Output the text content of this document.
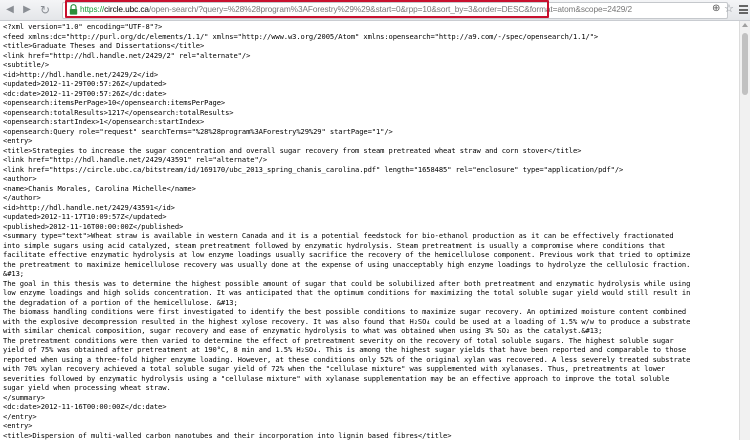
◀ ▶ ↻	https://circle.ubc.ca/open-search/?query=%28%28program%3AForestry%29%29&start=0&rpp=10&sort_by=3&order=DESC&format=atom&scope=2429/2	⊕ ☆
<?xml version="1.0" encoding="UTF-8"?>
<feed xmlns:dc="http://purl.org/dc/elements/1.1/" xmlns="http://www.w3.org/2005/Atom" xmlns:opensearch="http://a9.com/-/spec/opensearch/1.1/">
<title>Graduate Theses and Dissertations</title>
<link href="http://hdl.handle.net/2429/2" rel="alternate"/>
<subtitle/>
<id>http://hdl.handle.net/2429/2</id>
<updated>2012-11-29T00:57:26Z</updated>
<dc:date>2012-11-29T00:57:26Z</dc:date>
<opensearch:itemsPerPage>10</opensearch:itemsPerPage>
<opensearch:totalResults>1217</opensearch:totalResults>
<opensearch:startIndex>1</opensearch:startIndex>
<opensearch:Query role="request" searchTerms="%28%28program%3AForestry%29%29" startPage="1"/>
<entry>
<title>Strategies to increase the sugar concentration and overall sugar recovery from steam pretreated wheat straw and corn stover</title>
<link href="http://hdl.handle.net/2429/43591" rel="alternate"/>
<link href="https://circle.ubc.ca/bitstream/id/169170/ubc_2013_spring_chanis_carolina.pdf" length="1658485" rel="enclosure" type="application/pdf"/>
<author>
<name>Chanis Morales, Carolina Michelle</name>
</author>
<id>http://hdl.handle.net/2429/43591</id>
<updated>2012-11-17T10:09:57Z</updated>
<published>2012-11-16T00:00:00Z</published>
<summary type="text">Wheat straw is available in western Canada and it is a potential feedstock for bio-ethanol production as it can be effectively fractionated
into simple sugars using acid catalyzed, steam pretreatment followed by enzymatic hydrolysis. Steam pretreatment is usually a compromise where conditions that
facilitate effective enzymatic hydrolysis at low enzyme loadings usually sacrifice the recovery of the hemicellulose component. Previous work that tried to optimize
the pretreatment to maximize hemicellulose recovery was usually done at the expense of using unacceptably high enzyme loadings to hydrolyze the cellulosic fraction.
&#13;
The goal in this thesis was to determine the highest possible amount of sugar that could be solubilized after both pretreatment and enzymatic hydrolysis while using
low enzyme loadings and high solids concentration. It was anticipated that the optimum conditions for maximizing the total soluble sugar yield would still result in
the degradation of a portion of the hemicellulose. &#13;
The biomass handling conditions were first investigated to identify the best possible conditions to maximize sugar recovery. An optimized moisture content combined
with the explosive decompression resulted in the highest xylose recovery. It was also found that H₂SO₄ could be used at a loading of 1.5% w/w to produce a substrate
with similar chemical composition, sugar recovery and ease of enzymatic hydrolysis to what was obtained when using 3% SO₂ as the catalyst.&#13;
The pretreatment conditions were then varied to determine the effect of pretreatment severity on the recovery of total soluble sugars. The highest soluble sugar
yield of 75% was obtained after pretreatment at 190°C, 8 min and 1.5% H₂SO₄. This is among the highest sugar yields that have been reported and comparable to those
reported when using a three-fold higher enzyme loading. However, at these conditions only 52% of the original xylan was recovered. A less severely treated substrate
with 70% xylan recovery achieved a total soluble sugar yield of 72% when the "cellulase mixture" was supplemented with xylanases. Thus, pretreatments at lower
severities followed by enzymatic hydrolysis using a "cellulase mixture" with xylanase supplementation may be an effective approach to improve the total soluble
sugar yield when processing wheat straw.
</summary>
<dc:date>2012-11-16T00:00:00Z</dc:date>
</entry>
<entry>
<title>Dispersion of multi-walled carbon nanotubes and their incorporation into lignin based fibres</title>
